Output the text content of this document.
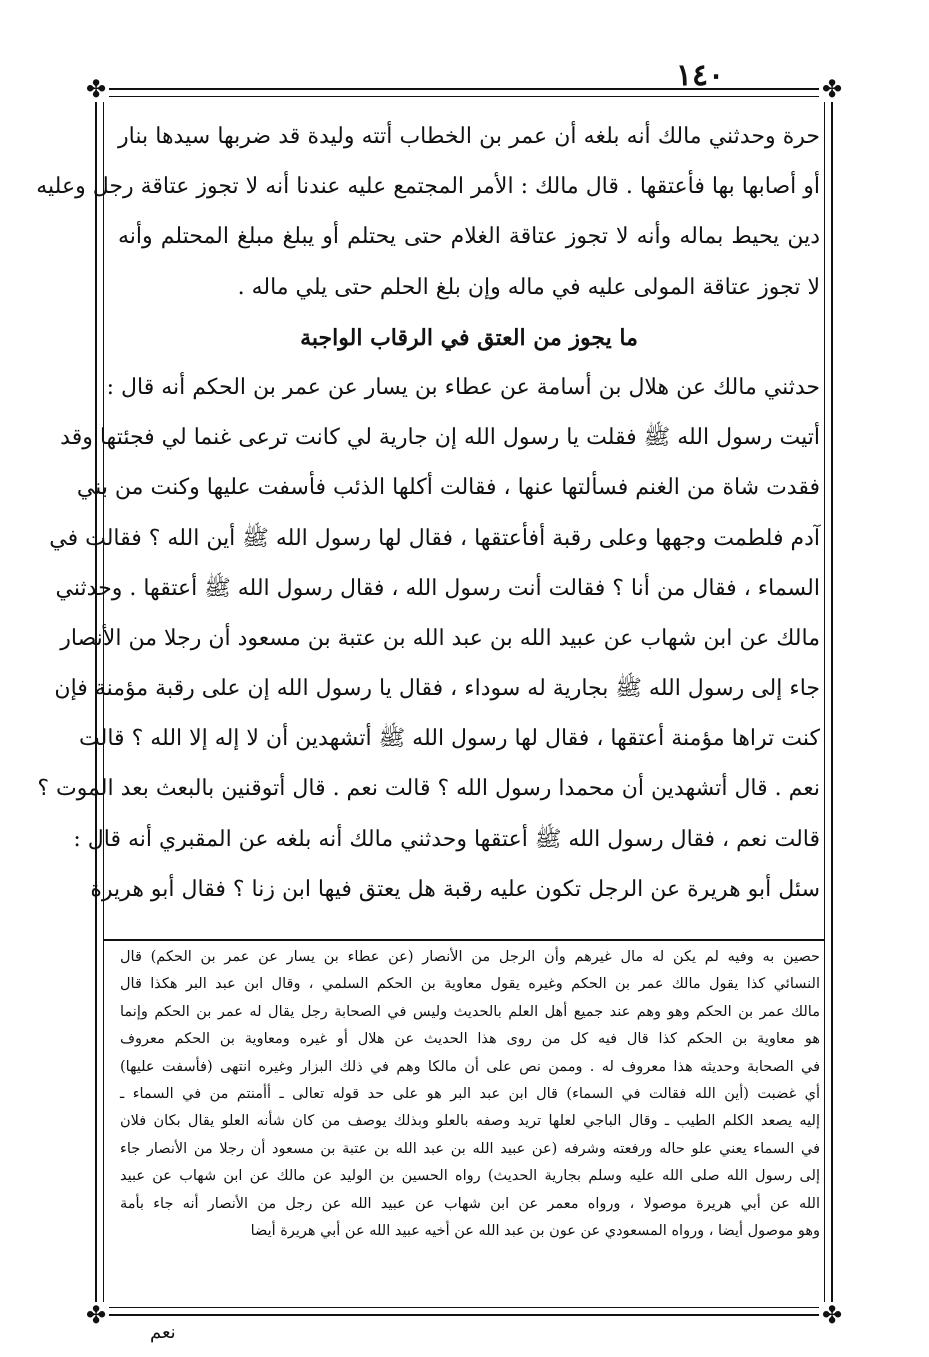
١٤٠
✤	✤
✤	✤
حرة وحدثني مالك أنه بلغه أن عمر بن الخطاب أتته وليدة قد ضربها سيدها بنار
أو أصابها بها فأعتقها . قال مالك : الأمر المجتمع عليه عندنا أنه لا تجوز عتاقة رجل وعليه
دين يحيط بماله وأنه لا تجوز عتاقة الغلام حتى يحتلم أو يبلغ مبلغ المحتلم وأنه
لا تجوز عتاقة المولى عليه في ماله وإن بلغ الحلم حتى يلي ماله .
ما يجوز من العتق في الرقاب الواجبة
حدثني مالك عن هلال بن أسامة عن عطاء بن يسار عن عمر بن الحكم أنه قال :
أتيت رسول الله ﷺ فقلت يا رسول الله إن جارية لي كانت ترعى غنما لي فجئتها وقد
فقدت شاة من الغنم فسألتها عنها ، فقالت أكلها الذئب فأسفت عليها وكنت من بني
آدم فلطمت وجهها وعلى رقبة أفأعتقها ، فقال لها رسول الله ﷺ أين الله ؟ فقالت في
السماء ، فقال من أنا ؟ فقالت أنت رسول الله ، فقال رسول الله ﷺ أعتقها . وحدثني
مالك عن ابن شهاب عن عبيد الله بن عبد الله بن عتبة بن مسعود أن رجلا من الأنصار
جاء إلى رسول الله ﷺ بجارية له سوداء ، فقال يا رسول الله إن على رقبة مؤمنة فإن
كنت تراها مؤمنة أعتقها ، فقال لها رسول الله ﷺ أتشهدين أن لا إله إلا الله ؟ قالت
نعم . قال أتشهدين أن محمدا رسول الله ؟ قالت نعم . قال أتوقنين بالبعث بعد الموت ؟
قالت نعم ، فقال رسول الله ﷺ أعتقها وحدثني مالك أنه بلغه عن المقبري أنه قال :
سئل أبو هريرة عن الرجل تكون عليه رقبة هل يعتق فيها ابن زنا ؟ فقال أبو هريرة
حصين به وفيه لم يكن له مال غيرهم وأن الرجل من الأنصار (عن عطاء بن يسار عن عمر بن الحكم) قال
النسائي كذا يقول مالك عمر بن الحكم وغيره يقول معاوية بن الحكم السلمي ، وقال ابن عبد البر هكذا قال
مالك عمر بن الحكم وهو وهم عند جميع أهل العلم بالحديث وليس في الصحابة رجل يقال له عمر بن الحكم وإنما
هو معاوية بن الحكم كذا قال فيه كل من روى هذا الحديث عن هلال أو غيره ومعاوية بن الحكم معروف
في الصحابة وحديثه هذا معروف له . وممن نص على أن مالكا وهم في ذلك البزار وغيره انتهى (فأسفت عليها)
أي غضبت (أين الله فقالت في السماء) قال ابن عبد البر هو على حد قوله تعالى ـ أأمنتم من في السماء ـ
إليه يصعد الكلم الطيب ـ وقال الباجي لعلها تريد وصفه بالعلو وبذلك يوصف من كان شأنه العلو يقال بكان فلان
في السماء يعني علو حاله ورفعته وشرفه (عن عبيد الله بن عبد الله بن عتبة بن مسعود أن رجلا من الأنصار جاء
إلى رسول الله صلى الله عليه وسلم بجارية الحديث) رواه الحسين بن الوليد عن مالك عن ابن شهاب عن عبيد
الله عن أبي هريرة موصولا ، ورواه معمر عن ابن شهاب عن عبيد الله عن رجل من الأنصار أنه جاء بأمة
وهو موصول أيضا ، ورواه المسعودي عن عون بن عبد الله عن أخيه عبيد الله عن أبي هريرة أيضا
نعم
